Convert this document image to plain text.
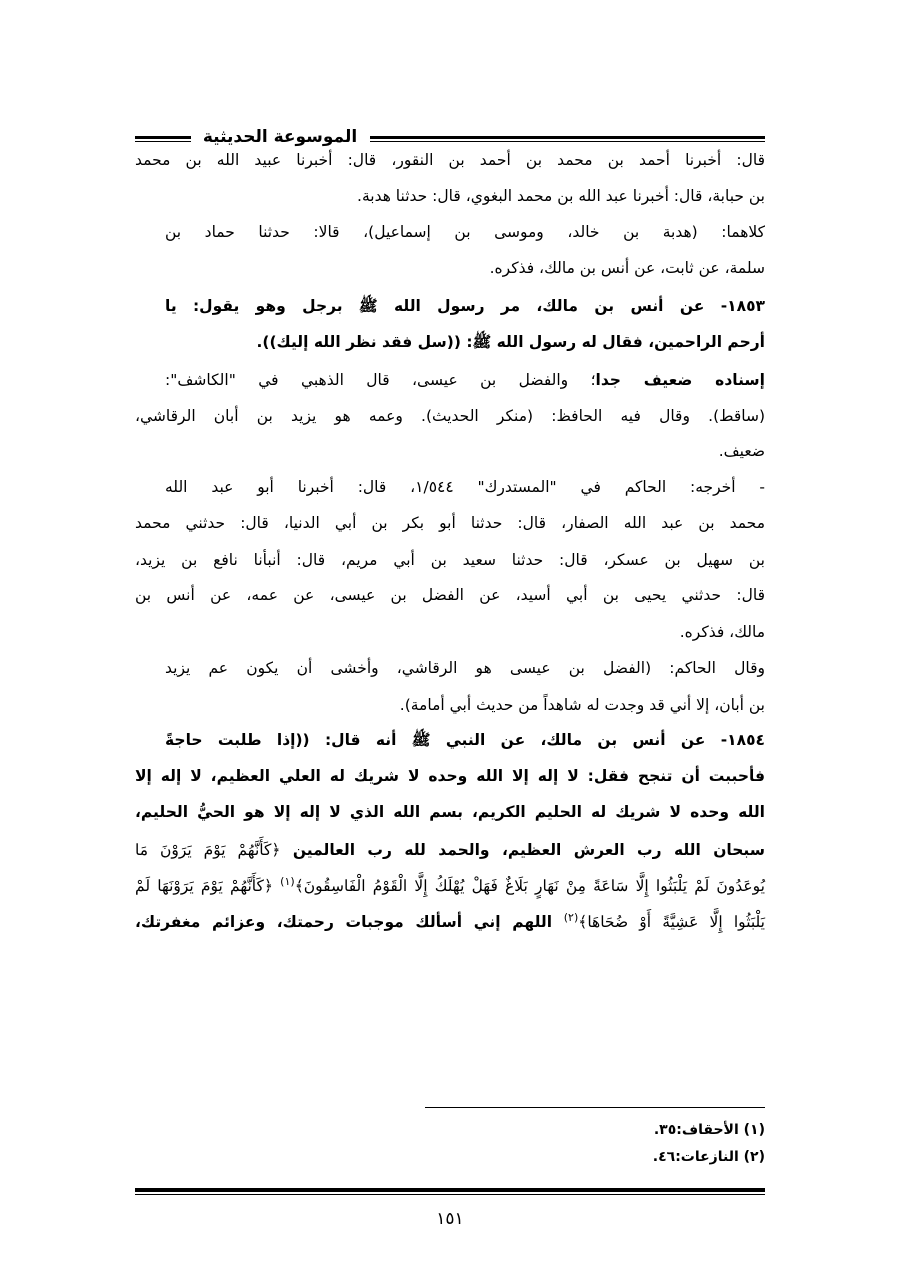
الموسوعة الحديثية
قال: أخبرنا أحمد بن محمد بن أحمد بن النقور، قال: أخبرنا عبيد الله بن محمد
بن حبابة، قال: أخبرنا عبد الله بن محمد البغوي، قال: حدثنا هدبة.
كلاهما: (هدبة بن خالد، وموسى بن إسماعيل)، قالا: حدثنا حماد بن
سلمة، عن ثابت، عن أنس بن مالك، فذكره.
١٨٥٣- عن أنس بن مالك، مر رسول الله ﷺ برجل وهو يقول: يا
أرحم الراحمين، فقال له رسول الله ﷺ: ((سل فقد نظر الله إليك)).
إسناده ضعيف جدا؛ والفضل بن عيسى، قال الذهبي في "الكاشف":
(ساقط). وقال فيه الحافظ: (منكر الحديث). وعمه هو يزيد بن أبان الرقاشي،
ضعيف.
- أخرجه: الحاكم في "المستدرك" ١/٥٤٤، قال: أخبرنا أبو عبد الله
محمد بن عبد الله الصفار، قال: حدثنا أبو بكر بن أبي الدنيا، قال: حدثني محمد
بن سهيل بن عسكر، قال: حدثنا سعيد بن أبي مريم، قال: أنبأنا نافع بن يزيد،
قال: حدثني يحيى بن أبي أسيد، عن الفضل بن عيسى، عن عمه، عن أنس بن
مالك، فذكره.
وقال الحاكم: (الفضل بن عيسى هو الرقاشي، وأخشى أن يكون عم يزيد
بن أبان، إلا أني قد وجدت له شاهداً من حديث أبي أمامة).
١٨٥٤- عن أنس بن مالك، عن النبي ﷺ أنه قال: ((إذا طلبت حاجةً
فأحببت أن تنجح فقل: لا إله إلا الله وحده لا شريك له العلي العظيم، لا إله إلا
الله وحده لا شريك له الحليم الكريم، بسم الله الذي لا إله إلا هو الحيُّ الحليم،
سبحان الله رب العرش العظيم، والحمد لله رب العالمين ﴿كَأَنَّهُمْ يَوْمَ يَرَوْنَ مَا
يُوعَدُونَ لَمْ يَلْبَثُوا إِلَّا سَاعَةً مِنْ نَهَارٍ بَلَاغٌ فَهَلْ يُهْلَكُ إِلَّا الْقَوْمُ الْفَاسِقُونَ﴾$^{(١)}$ ﴿كَأَنَّهُمْ يَوْمَ يَرَوْنَهَا لَمْ
يَلْبَثُوا إِلَّا عَشِيَّةً أَوْ ضُحَاهَا﴾$^{(٢)}$ اللهم إني أسألك موجبات رحمتك، وعزائم مغفرتك،
(١) الأحقاف:٣٥.
(٢) النازعات:٤٦.
١٥١
